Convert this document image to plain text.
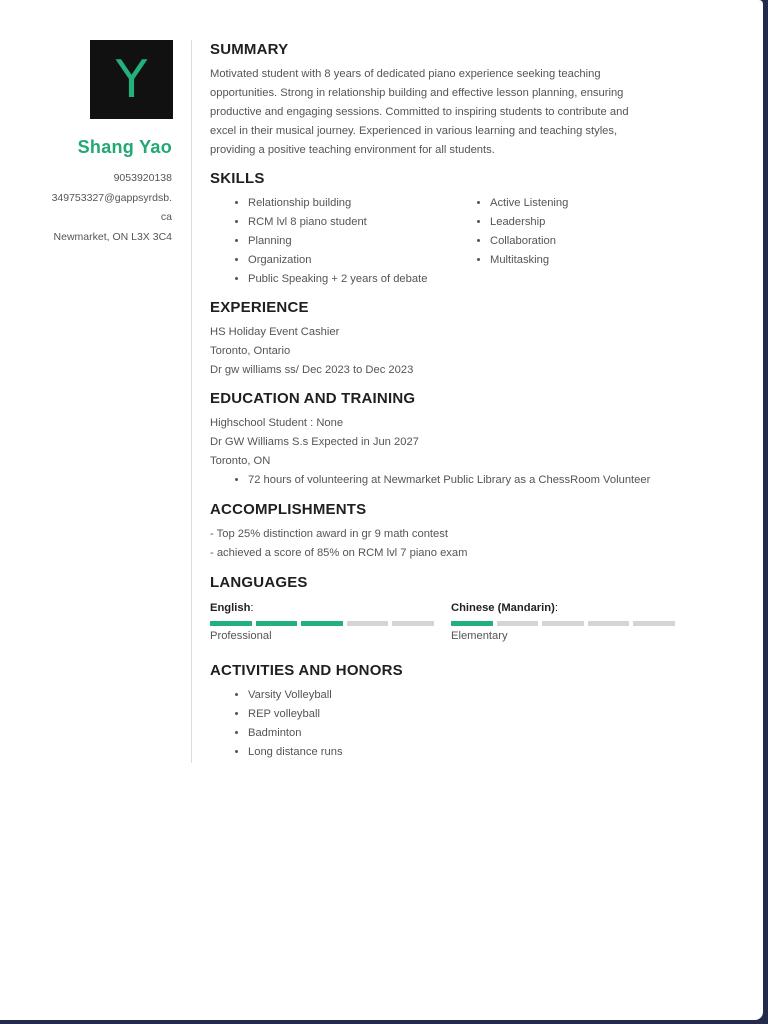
Y
Shang Yao
9053920138
349753327@gappsyrdsb.
ca
Newmarket, ON L3X 3C4
SUMMARY
Motivated student with 8 years of dedicated piano experience seeking teaching
opportunities. Strong in relationship building and effective lesson planning, ensuring
productive and engaging sessions. Committed to inspiring students to contribute and
excel in their musical journey. Experienced in various learning and teaching styles,
providing a positive teaching environment for all students.
SKILLS
• Relationship building
• RCM lvl 8 piano student
• Planning
• Organization
• Public Speaking + 2 years of debate
• Active Listening
• Leadership
• Collaboration
• Multitasking
EXPERIENCE
HS Holiday Event Cashier
Toronto, Ontario
Dr gw williams ss/ Dec 2023 to Dec 2023
EDUCATION AND TRAINING
Highschool Student : None
Dr GW Williams S.s Expected in Jun 2027
Toronto, ON
• 72 hours of volunteering at Newmarket Public Library as a ChessRoom Volunteer
ACCOMPLISHMENTS
- Top 25% distinction award in gr 9 math contest
- achieved a score of 85% on RCM lvl 7 piano exam
LANGUAGES
English:
Professional
Chinese (Mandarin):
Elementary
ACTIVITIES AND HONORS
• Varsity Volleyball
• REP volleyball
• Badminton
• Long distance runs
